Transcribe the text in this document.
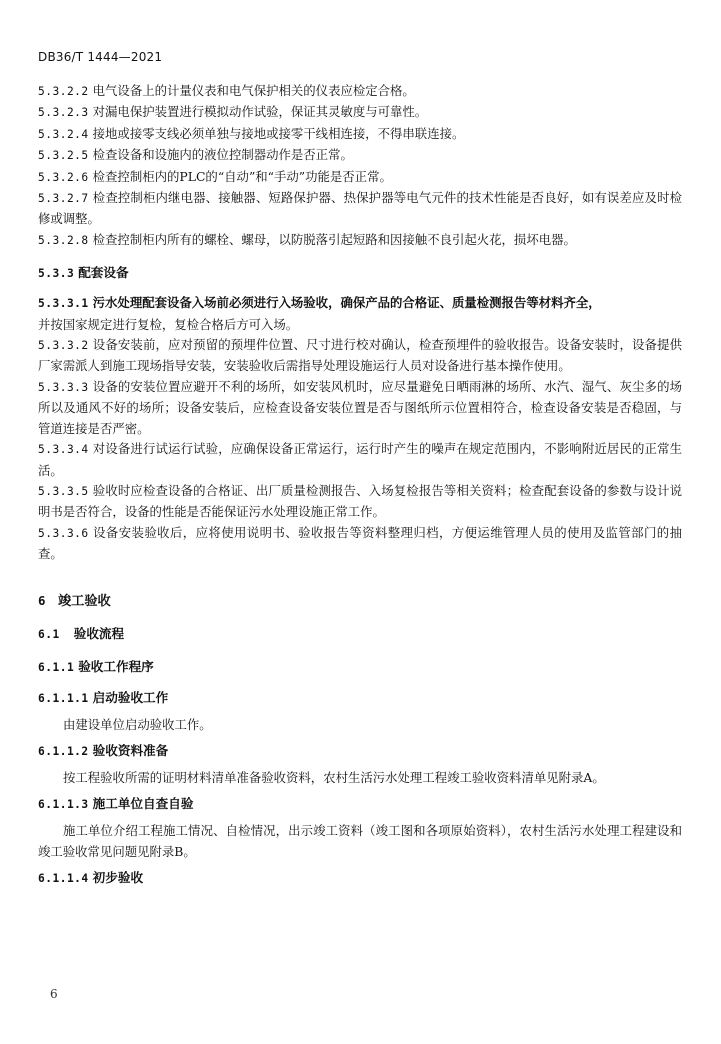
DB36/T 1444—2021

5.3.2.2 电气设备上的计量仪表和电气保护相关的仪表应检定合格。

5.3.2.3 对漏电保护装置进行模拟动作试验，保证其灵敏度与可靠性。

5.3.2.4 接地或接零支线必须单独与接地或接零干线相连接，不得串联连接。

5.3.2.5 检查设备和设施内的液位控制器动作是否正常。

5.3.2.6 检查控制柜内的PLC的“自动”和“手动”功能是否正常。

5.3.2.7 检查控制柜内继电器、接触器、短路保护器、热保护器等电气元件的技术性能是否良好，如有误差应及时检修或调整。

5.3.2.8 检查控制柜内所有的螺栓、螺母，以防脱落引起短路和因接触不良引起火花，损坏电器。

5.3.3 配套设备

5.3.3.1 污水处理配套设备入场前必须进行入场验收，确保产品的合格证、质量检测报告等材料齐全，

并按国家规定进行复检，复检合格后方可入场。

5.3.3.2 设备安装前，应对预留的预埋件位置、尺寸进行校对确认，检查预埋件的验收报告。设备安装时，设备提供厂家需派人到施工现场指导安装，安装验收后需指导处理设施运行人员对设备进行基本操作使用。

5.3.3.3 设备的安装位置应避开不利的场所，如安装风机时，应尽量避免日晒雨淋的场所、水汽、湿气、灰尘多的场所以及通风不好的场所；设备安装后，应检查设备安装位置是否与图纸所示位置相符合，检查设备安装是否稳固，与管道连接是否严密。

5.3.3.4 对设备进行试运行试验，应确保设备正常运行，运行时产生的噪声在规定范围内，不影响附近居民的正常生活。

5.3.3.5 验收时应检查设备的合格证、出厂质量检测报告、入场复检报告等相关资料；检查配套设备的参数与设计说明书是否符合，设备的性能是否能保证污水处理设施正常工作。

5.3.3.6 设备安装验收后，应将使用说明书、验收报告等资料整理归档，方便运维管理人员的使用及监管部门的抽查。

6 竣工验收
6.1 验收流程
6.1.1 验收工作程序
6.1.1.1 启动验收工作

由建设单位启动验收工作。

6.1.1.2 验收资料准备

按工程验收所需的证明材料清单准备验收资料，农村生活污水处理工程竣工验收资料清单见附录A。

6.1.1.3 施工单位自查自验

施工单位介绍工程施工情况、自检情况，出示竣工资料（竣工图和各项原始资料），农村生活污水处理工程建设和竣工验收常见问题见附录B。

6.1.1.4 初步验收
6
